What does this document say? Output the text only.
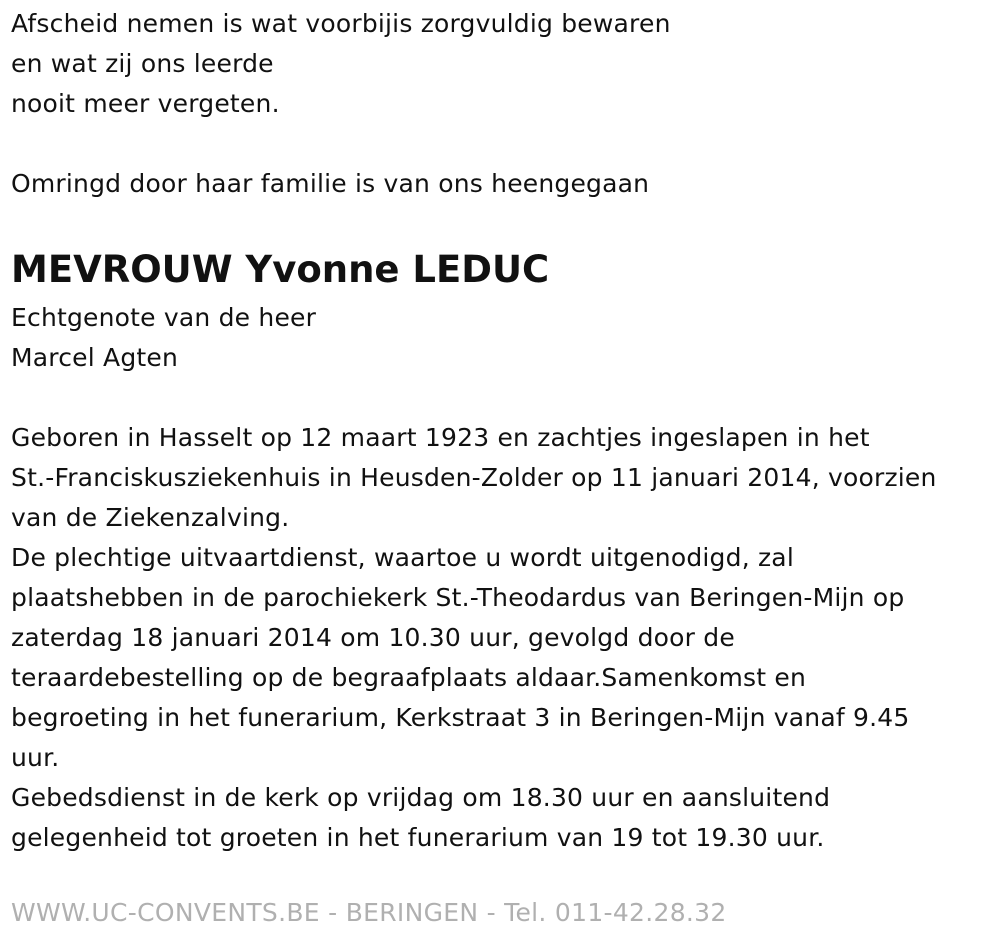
Afscheid nemen is wat voorbijis zorgvuldig bewaren
en wat zij ons leerde
nooit meer vergeten.
Omringd door haar familie is van ons heengegaan
MEVROUW Yvonne LEDUC
Echtgenote van de heer
Marcel Agten
Geboren in Hasselt op 12 maart 1923 en zachtjes ingeslapen in het
St.-Franciskusziekenhuis in Heusden-Zolder op 11 januari 2014, voorzien
van de Ziekenzalving.
De plechtige uitvaartdienst, waartoe u wordt uitgenodigd, zal
plaatshebben in de parochiekerk St.-Theodardus van Beringen-Mijn op
zaterdag 18 januari 2014 om 10.30 uur, gevolgd door de
teraardebestelling op de begraafplaats aldaar.Samenkomst en
begroeting in het funerarium, Kerkstraat 3 in Beringen-Mijn vanaf 9.45
uur.
Gebedsdienst in de kerk op vrijdag om 18.30 uur en aansluitend
gelegenheid tot groeten in het funerarium van 19 tot 19.30 uur.
WWW.UC-CONVENTS.BE - BERINGEN - Tel. 011-42.28.32
